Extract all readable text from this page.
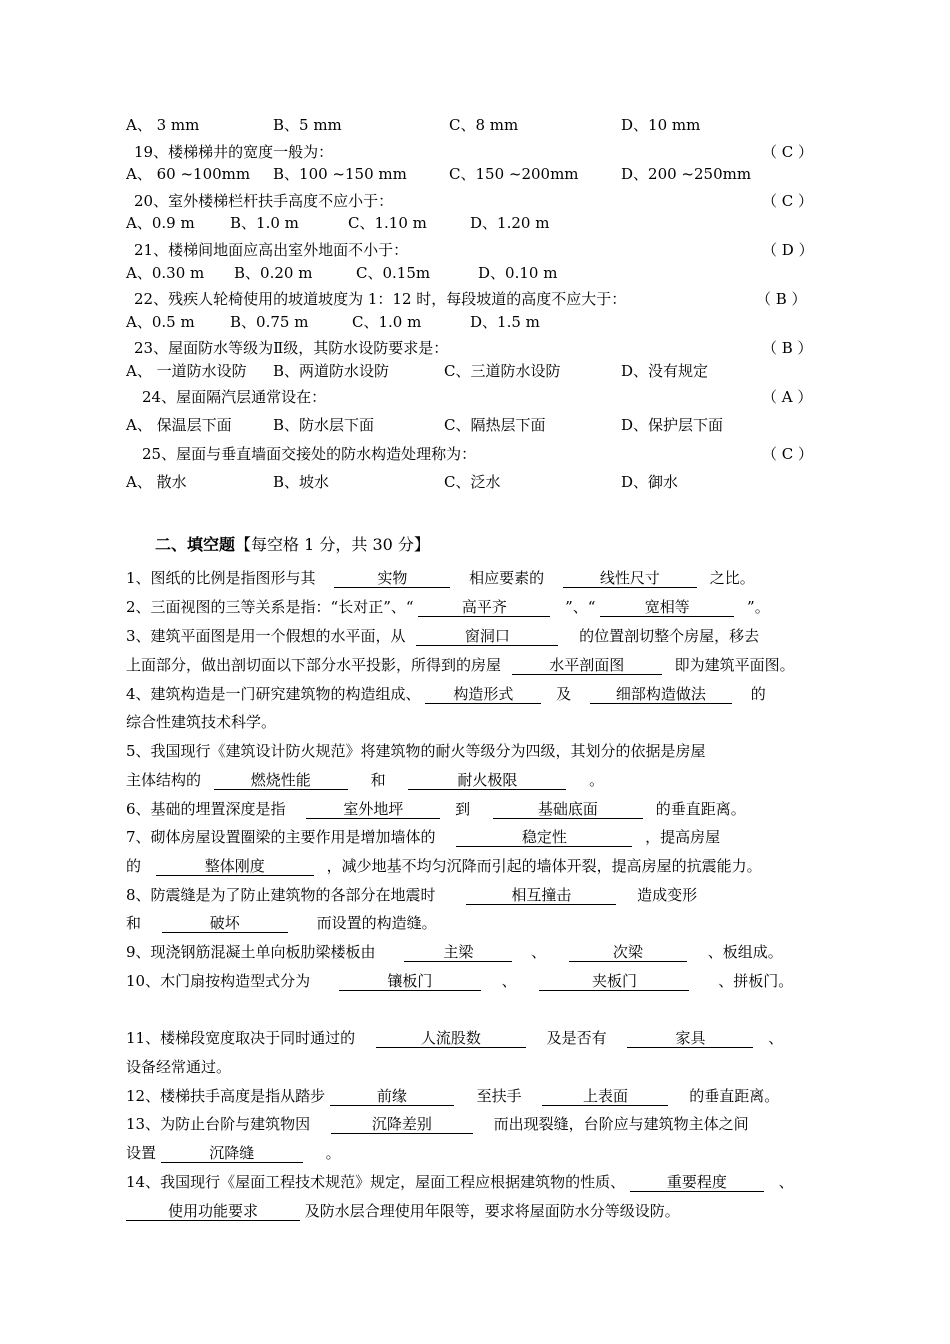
A、 3 mm	B、5 mm	C、8 mm	D、10 mm
19、楼梯梯井的宽度一般为：	（ C ）
A、 60 ~100mm B、100 ~150 mm	C、150 ~200mm	D、200 ~250mm
20、室外楼梯栏杆扶手高度不应小于：	（ C ）
A、0.9 m B、1.0 m	C、1.10 m	D、1.20 m
21、楼梯间地面应高出室外地面不小于：	（ D ）
A、0.30 m B、0.20 m	C、0.15m	D、0.10 m
22、残疾人轮椅使用的坡道坡度为 1：12 时，每段坡道的高度不应大于：	（ B ）
A、0.5 m B、0.75 m	C、1.0 m	D、1.5 m
23、屋面防水等级为Ⅱ级，其防水设防要求是：	（ B ）
A、 一道防水设防 B、两道防水设防	C、三道防水设防	D、没有规定
24、屋面隔汽层通常设在：	（ A ）
A、 保温层下面	B、防水层下面	C、隔热层下面	D、保护层下面
25、屋面与垂直墙面交接处的防水构造处理称为：	（ C ）
A、 散水	B、坡水	C、泛水	D、御水
二、填空题【每空格 1 分，共 30 分】
1、图纸的比例是指图形与其	实物	相应要素的	线性尺寸	之比。
2、三面视图的三等关系是指：“长对正”、“	高平齐	”、“	宽相等	”。
3、建筑平面图是用一个假想的水平面，从	窗洞口	的位置剖切整个房屋，移去
上面部分，做出剖切面以下部分水平投影，所得到的房屋	水平剖面图	即为建筑平面图。
4、建筑构造是一门研究建筑物的构造组成、 构造形式	及	细部构造做法	的
综合性建筑技术科学。
5、我国现行《建筑设计防火规范》将建筑物的耐火等级分为四级，其划分的依据是房屋
主体结构的	燃烧性能	和	耐火极限	。
6、基础的埋置深度是指	室外地坪	到	基础底面	的垂直距离。
7、砌体房屋设置圈梁的主要作用是增加墙体的	稳定性	，提高房屋
的	整体刚度	，减少地基不均匀沉降而引起的墙体开裂，提高房屋的抗震能力。
8、防震缝是为了防止建筑物的各部分在地震时	相互撞击	造成变形
和	破坏	而设置的构造缝。
9、现浇钢筋混凝土单向板肋梁楼板由	主梁	、	次梁	、板组成。
10、木门扇按构造型式分为	镶板门	、	夹板门	、拼板门。
11、楼梯段宽度取决于同时通过的	人流股数	及是否有	家具	、
设备经常通过。
12、楼梯扶手高度是指从踏步	前缘	至扶手	上表面	的垂直距离。
13、为防止台阶与建筑物因	沉降差别	而出现裂缝，台阶应与建筑物主体之间
设置	沉降缝	。
14、我国现行《屋面工程技术规范》规定，屋面工程应根据建筑物的性质、	重要程度	、
使用功能要求	及防水层合理使用年限等，要求将屋面防水分等级设防。
